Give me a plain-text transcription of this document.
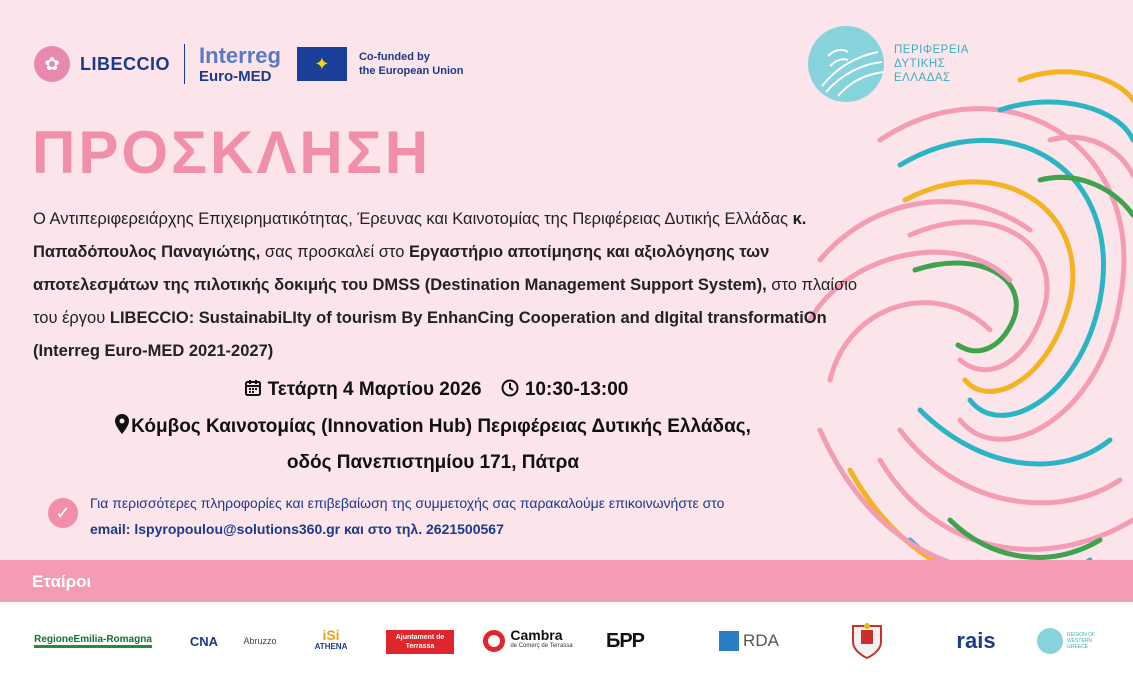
✿	LIBECCIO Interreg
Euro-MED
✦	Co-funded by
the European Union
ΠΕΡΙΦΕΡΕΙΑ
ΔΥΤΙΚΗΣ
ΕΛΛΑΔΑΣ
ΠΡΟΣΚΛΗΣΗ
Ο Αντιπεριφερειάρχης Επιχειρηματικότητας, Έρευνας και Καινοτομίας της Περιφέρειας Δυτικής Ελλάδας κ. Παπαδόπουλος Παναγιώτης, σας προσκαλεί στο Εργαστήριο αποτίμησης και αξιολόγησης των αποτελεσμάτων της πιλοτικής δοκιμής του DMSS (Destination Management Support System), στο πλαίσιο του έργου LIBECCIO: SustainabiLIty of tourism By EnhanCing Cooperation and dIgital transformatiOn (Interreg Euro-MED 2021-2027)
Τετάρτη 4 Μαρτίου 2026 10:30-13:00
Κόμβος Καινοτομίας (Innovation Hub) Περιφέρειας Δυτικής Ελλάδας,
οδός Πανεπιστημίου 171, Πάτρα
✓	Για περισσότερες πληροφορίες και επιβεβαίωση της συμμετοχής σας παρακαλούμε επικοινωνήστε στο
email: lspyropoulou@solutions360.gr και στο τηλ. 2621500567
Εταίροι
RegioneEmilia-Romagna	CNA	Abruzzo	iSi
ATHENA
Ajuntament de Terrassa
Cambra
de Comerç de Terrassa БРР	RDA	rais	REGION OF WESTERN GREECE
